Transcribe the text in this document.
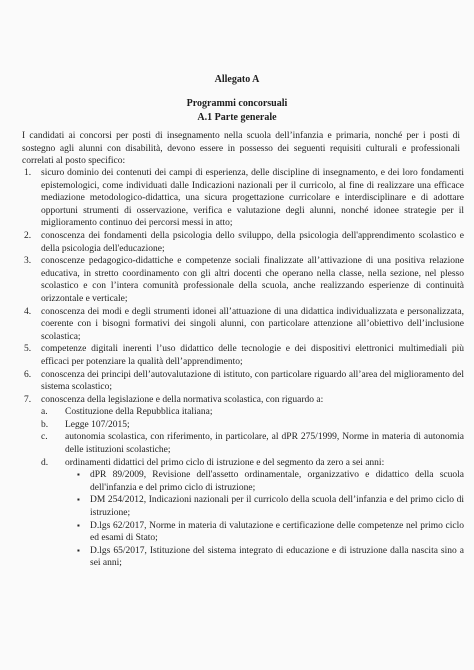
Allegato A
Programmi concorsuali
A.1 Parte generale
I candidati ai concorsi per posti di insegnamento nella scuola dell’infanzia e primaria, nonché per i posti di sostegno agli alunni con disabilità, devono essere in possesso dei seguenti requisiti culturali e professionali correlati al posto specifico:
1. sicuro dominio dei contenuti dei campi di esperienza, delle discipline di insegnamento, e dei loro fondamenti epistemologici, come individuati dalle Indicazioni nazionali per il curricolo, al fine di realizzare una efficace mediazione metodologico-didattica, una sicura progettazione curricolare e interdisciplinare e di adottare opportuni strumenti di osservazione, verifica e valutazione degli alunni, nonché idonee strategie per il miglioramento continuo dei percorsi messi in atto;
2. conoscenza dei fondamenti della psicologia dello sviluppo, della psicologia dell'apprendimento scolastico e della psicologia dell'educazione;
3. conoscenze pedagogico-didattiche e competenze sociali finalizzate all’attivazione di una positiva relazione educativa, in stretto coordinamento con gli altri docenti che operano nella classe, nella sezione, nel plesso scolastico e con l’intera comunità professionale della scuola, anche realizzando esperienze di continuità orizzontale e verticale;
4. conoscenza dei modi e degli strumenti idonei all’attuazione di una didattica individualizzata e personalizzata, coerente con i bisogni formativi dei singoli alunni, con particolare attenzione all’obiettivo dell’inclusione scolastica;
5. competenze digitali inerenti l’uso didattico delle tecnologie e dei dispositivi elettronici multimediali più efficaci per potenziare la qualità dell’apprendimento;
6. conoscenza dei principi dell’autovalutazione di istituto, con particolare riguardo all’area del miglioramento del sistema scolastico;
7. conoscenza della legislazione e della normativa scolastica, con riguardo a:
a. Costituzione della Repubblica italiana;
b. Legge 107/2015;
c. autonomia scolastica, con riferimento, in particolare, al dPR 275/1999, Norme in materia di autonomia delle istituzioni scolastiche;
d. ordinamenti didattici del primo ciclo di istruzione e del segmento da zero a sei anni:
▪ dPR 89/2009, Revisione dell'assetto ordinamentale, organizzativo e didattico della scuola dell'infanzia e del primo ciclo di istruzione;
▪ DM 254/2012, Indicazioni nazionali per il curricolo della scuola dell’infanzia e del primo ciclo di istruzione;
▪ D.lgs 62/2017, Norme in materia di valutazione e certificazione delle competenze nel primo ciclo ed esami di Stato;
▪ D.lgs 65/2017, Istituzione del sistema integrato di educazione e di istruzione dalla nascita sino a sei anni;
